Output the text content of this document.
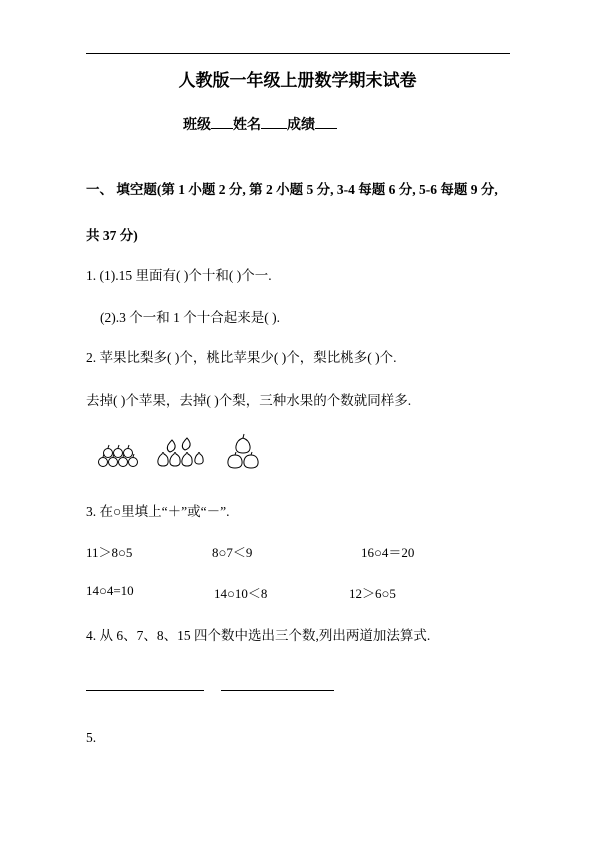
人教版一年级上册数学期末试卷
班级 姓名 成绩
一、 填空题(第 1 小题 2 分, 第 2 小题 5 分, 3-4 每题 6 分, 5-6 每题 9 分,
共 37 分)
1. (1).15 里面有( )个十和( )个一.
(2).3 个一和 1 个十合起来是( ).
2. 苹果比梨多( )个，桃比苹果少( )个，梨比桃多( )个.
去掉( )个苹果，去掉( )个梨，三种水果的个数就同样多.
3. 在○里填上“＋”或“－”.
11＞8○5	8○7＜9	16○4＝20
14○4=10	14○10＜8	12＞6○5
4. 从 6、7、8、15 四个数中选出三个数,列出两道加法算式.
5.
